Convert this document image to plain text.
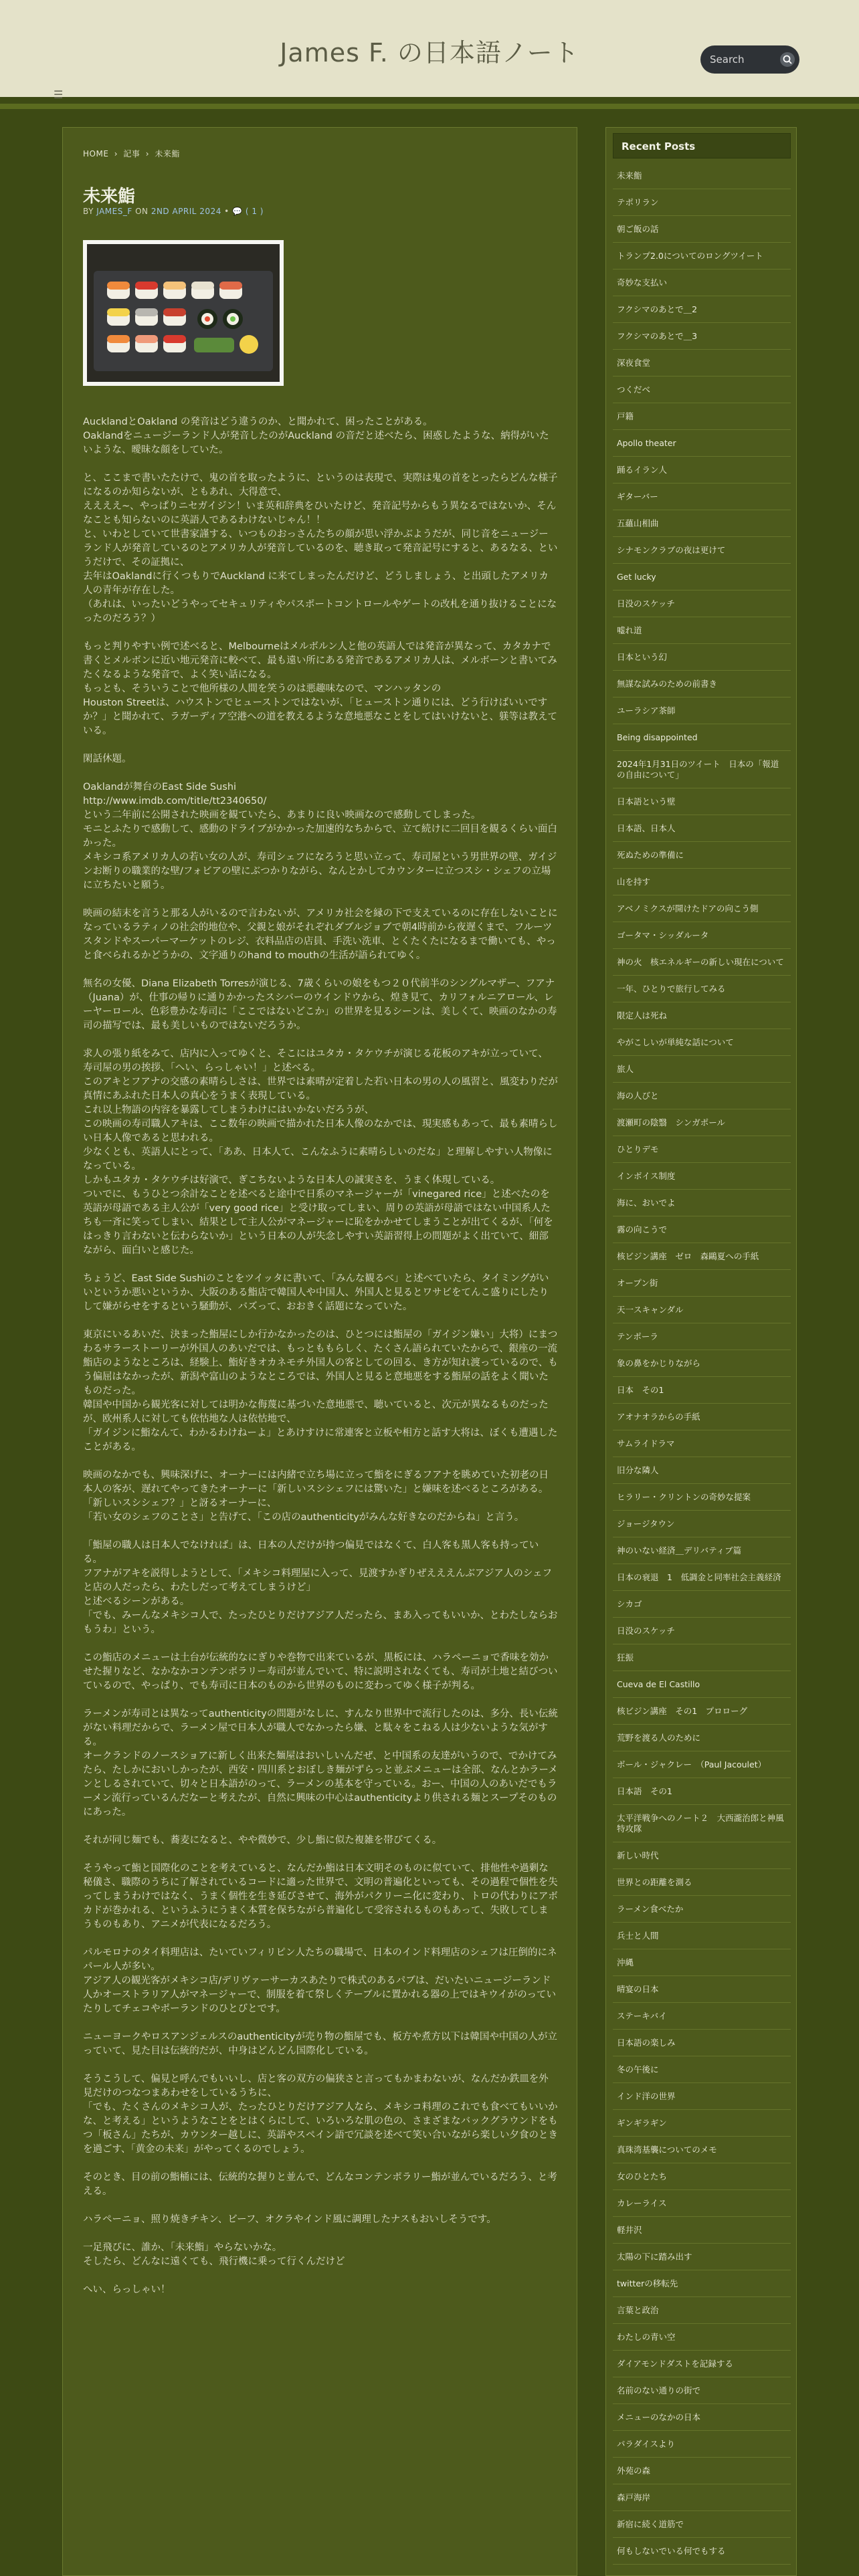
James F. の日本語ノート
Search
☰
HOME › 記事 › 未来鮨
未来鮨
BY JAMES_F ON 2ND APRIL 2024 • 💬 ( 1 )

AucklandとOakland の発音はどう違うのか、と聞かれて、困ったことがある。
Oaklandをニュージーランド人が発音したのがAuckland の音だと述べたら、困惑したような、納得がいたいような、曖昧な顔をしていた。

と、ここまで書いたたけで、鬼の首を取ったように、というのは表現で、実際は鬼の首をとったらどんな様子になるのか知らないが、ともあれ、大得意で、
ええええ~、やっぱりニセガイジン！いま英和辞典をひいたけど、発音記号からもう異なるではないか、そんなことも知らないのに英語人であるわけないじゃん！！
と、いわとしていて世書家謹する、いつものおっさんたちの顔が思い浮かぶようだが、同じ音をニュージーランド人が発音しているのとアメリカ人が発音しているのを、聴き取って発音記号にすると、あるなる、というだけで、その証拠に、
去年はOaklandに行くつもりでAuckland に来てしまったんだけど、どうしましょう、と出頭したアメリカ人の青年が存在した。
（あれは、いったいどうやってセキュリティやパスポートコントロールやゲートの改札を通り抜けることになったのだろう？）

もっと判りやすい例で述べると、Melbourneはメルボルン人と他の英語人では発音が異なって、カタカナで書くとメルボンに近い地元発音に較べて、最も遠い所にある発音であるアメリカ人は、メルボーンと書いてみたくなるような発音で、よく笑い話になる。
もっとも、そういうことで他所様の人間を笑うのは悪趣味なので、マンハッタンの
Houston Streetは、ハウストンでヒューストンではないが、「ヒューストン通りには、どう行けばいいですか？」と聞かれて、ラガーディア空港への道を教えるような意地悪なことをしてはいけないと、躾等は教えている。

閑話休題。

Oaklandが舞台のEast Side Sushi
http://www.imdb.com/title/tt2340650/
という二年前に公開された映画を観ていたら、あまりに良い映画なので感動してしまった。
モニとふたりで感動して、感動のドライブがかかった加速的なちからで、立て続けに二回目を観るくらい面白かった。
メキシコ系アメリカ人の若い女の人が、寿司シェフになろうと思い立って、寿司屋という男世界の壁、ガイジンお断りの職業的な壁/フォビアの壁にぶつかりながら、なんとかしてカウンターに立つスシ・シェフの立場に立ちたいと願う。

映画の結末を言うと那る人がいるので言わないが、アメリカ社会を縁の下で支えているのに存在しないことになっているラティノの社会的地位や、父親と娘がそれぞれダブルジョブで朝4時前から夜遅くまで、フルーツスタンドやスーパーマーケットのレジ、衣料品店の店員、手洗い洗車、とくたくたになるまで働いても、やっと食べられるかどうかの、文字通りのhand to mouthの生活が語られてゆく。

無名の女優、Diana Elizabeth Torresが演じる、7歳くらいの娘をもつ２０代前半のシングルマザー、フアナ（Juana）が、仕事の帰りに通りかかったスシバーのウインドウから、煌き見て、カリフォルニアロール、レーヤーロール、色彩豊かな寿司に「ここではないどこか」の世界を見るシーンは、美しくて、映画のなかの寿司の描写では、最も美しいものではないだろうか。

求人の張り紙をみて、店内に入ってゆくと、そこにはユタカ・タケウチが演じる花板のアキが立っていて、
寿司屋の男の挨拶、「へい、らっしゃい！」と述べる。
このアキとフアナの交感の素晴らしさは、世界では素晴が定着した若い日本の男の人の風習と、風変わりだが真情にあふれた日本人の真心をうまく表現している。
これ以上物語の内容を暴露してしまうわけにはいかないだろうが、
この映画の寿司職人アキは、ここ数年の映画で描かれた日本人像のなかでは、現実感もあって、最も素晴らしい日本人像であると思われる。
少なくとも、英語人にとって、「ああ、日本人て、こんなふうに素晴らしいのだな」と理解しやすい人物像になっている。
しかもユタカ・タケウチは好演で、ぎこちないような日本人の誠実さを、うまく体現している。
ついでに、もうひとつ余計なことを述べると途中で日系のマネージャーが「vinegared rice」と述べたのを英語が母語である主人公が「very good rice」と受け取ってしまい、周りの英語が母語ではない中国系人たちも一斉に笑ってしまい、結果として主人公がマネージャーに恥をかかせてしまうことが出てくるが、「何をはっきり言わないと伝わらないか」という日本の人が失念しやすい英語習得上の問題がよく出ていて、細部ながら、面白いと感じた。

ちょうど、East Side Sushiのことをツイッタに書いて、「みんな観るべ」と述べていたら、タイミングがいいというか悪いというか、大阪のある鮨店で韓国人や中国人、外国人と見るとワサビをてんこ盛りにしたりして嫌がらせをするという騒動が、バズって、おおきく話題になっていた。

東京にいるあいだ、決まった鮨屋にしか行かなかったのは、ひとつには鮨屋の「ガイジン嫌い」大将）にまつわるサラーストーリーが外国人のあいだでは、もっとももらしく、たくさん語られていたからで、銀座の一流鮨店のようなところは、経験上、鮨好きオカネモチ外国人の客としての回る、き方が知れ渡っているので、もう偏屈はなかったが、新潟や富山のようなところでは、外国人と見ると意地悪をする鮨屋の話をよく聞いたものだった。
韓国や中国から観光客に対しては明かな侮蔑に基づいた意地悪で、聴いていると、次元が異なるものだったが、欧州系人に対しても依怙地な人は依怙地で、
「ガイジンに鮨なんて、わかるわけねーよ」とあけすけに常連客と立板や相方と話す大将は、ぼくも遭遇したことがある。

映画のなかでも、興味深げに、オーナーには内緒で立ち場に立って鮨をにぎるフアナを眺めていた初老の日本人の客が、遅れてやってきたオーナーに「新しいスシシェフには驚いた」と嫌味を述べるところがある。
「新しいスシシェフ？」と訝るオーナーに、
「若い女のシェフのことさ」と告げて、「この店のauthenticityがみんな好きなのだからね」と言う。

「鮨屋の職人は日本人でなければ」は、日本の人だけが持つ偏見ではなくて、白人客も黒人客も持っている。
フアナがアキを説得しようとして、「メキシコ料理屋に入って、見渡すかぎりぜえええんぶアジア人のシェフと店の人だったら、わたしだって考えてしまうけど」
と述べるシーンがある。
「でも、みーんなメキシコ人で、たったひとりだけアジア人だったら、まあ入ってもいいか、とわたしならおもうわ」という。

この鮨店のメニューは土台が伝統的なにぎりや巻物で出来ているが、黒板には、ハラペーニョで香味を効かせた握りなど、なかなかコンテンポラリー寿司が並んでいて、特に説明されなくても、寿司が土地と結びついているので、やっぱり、でも寿司に日本のものから世界のものに変わってゆく様子が判る。

ラーメンが寿司とは異なってauthenticityの問題がなしに、すんなり世界中で流行したのは、多分、長い伝統がない料理だからで、ラーメン屋で日本人が職人でなかったら嫌、と駄々をこねる人は少ないような気がする。
オークランドのノースショアに新しく出来た麺屋はおいしいんだぜ、と中国系の友達がいうので、でかけてみたら、たしかにおいしかったが、西安・四川系とおぼしき麺がずらっと並ぶメニューは全部、なんとかラーメンとしるされていて、切々と日本語がのって、ラーメンの基本を守っている。おー、中国の人のあいだでもラーメン流行っているんだなーと考えたが、自然に興味の中心はauthenticityより供される麺とスープそのものにあった。

それが同じ麺でも、蕎麦になると、やや微妙で、少し鮨に似た複雑を帯びてくる。

そうやって鮨と国際化のことを考えていると、なんだか鮨は日本文明そのものに似ていて、排他性や過剰な秘儀さ、職際のうちに了解されているコードに適った世界で、文明の普遍化といっても、その過程で個性を失ってしまうわけではなく、うまく個性を生き延びさせて、海外がパクリーニ化に変わり、トロの代わりにアボカドが巻かれる、というふうにうまく本質を保ちながら普遍化して受容されるものもあって、失敗してしまうものもあり、アニメが代表になるだろう。

パルモロナのタイ料理店は、たいていフィリピン人たちの職場で、日本のインド料理店のシェフは圧倒的にネパール人が多い。
アジア人の観光客がメキシコ店/デリヴァーサーカスあたりで株式のあるパブは、だいたいニュージーランド人かオーストラリア人がマネージャーで、制服を着て祭しくテーブルに置かれる器の上ではキウイがのっていたりしてチェコやポーランドのひとびとです。

ニューヨークやロスアンジェルスのauthenticityが売り物の鮨屋でも、板方や煮方以下は韓国や中国の人が立っていて、見た目は伝統的だが、中身はどんどん国際化している。

そうこうして、偏見と呼んでもいいし、店と客の双方の偏狭さと言ってもかまわないが、なんだか鉄皿を外見だけのつなつまあわせをしているうちに、
「でも、たくさんのメキシコ人が、たったひとりだけアジア人なら、メキシコ料理のこれでも食べてもいいかな、と考える」というようなことをとはくらにして、いろいろな肌の色の、さまざまなバックグラウンドをもつ「板さん」たちが、カウンター越しに、英語やスペイン語で冗談を述べて笑い合いながら楽しい夕食のときを過ごす、「黄金の未来」がやってくるのでしょう。

そのとき、目の前の鮨桶には、伝統的な握りと並んで、どんなコンテンポラリー鮨が並んでいるだろう、と考える。

ハラペーニョ、照り焼きチキン、ビーフ、オクラやインド風に調理したナスもおいしそうです。

一足飛びに、誰か、「未来鮨」やらないかな。
そしたら、どんなに遠くても、飛行機に乗って行くんだけど

へい、らっしゃい！

Recent Posts
未来鮨
テポリラン
朝ご飯の話
トランプ2.0についてのロングツイート
奇妙な支払い
フクシマのあとで＿2
フクシマのあとで＿3
深夜食堂
つくだべ
戸籍
Apollo theater
踊るイラン人
ギターバー
五蘊山相曲
シナモンクラブの夜は更けて
Get lucky
日没のスケッチ
嘘れ道
日本という幻
無謀な試みのための前書き
ユーラシア茶師
Being disappointed
2024年1月31日のツイート　日本の「報道の自由について」
日本語という壁
日本語、日本人
死ぬための準備に
山を持す
アベノミクスが開けたドアの向こう側
ゴータマ・シッダルータ
神の火　核エネルギーの新しい現在について
一年、ひとりで旅行してみる
限定人は死ね
やがこしいが単純な話について
旅人
海の人びと
渡瀬町の陰翳　シンガポール
ひとりデモ
インボイス制度
海に、おいでよ
霧の向こうで
核ビジン講座　ゼロ　森鷗夏への手紙
オープン街
天一スキャンダル
テンポーラ
象の鼻をかじりながら
日本　その1
アオナオラからの手紙
サムライドラマ
旧分な隣人
ヒラリー・クリントンの奇妙な提案
ジョージタウン
神のいない経済＿デリバティブ篇
日本の衰退　1　低調金と同率社会主義経済
シカゴ
日没のスケッチ
狂振
Cueva de El Castillo
核ビジン講座　その1　プロローグ
荒野を渡る人のために
ボール・ジャクレー　（Paul Jacoulet）
日本語　その1
太平洋戦争へのノート２　大西瀧治郎と神風特攻隊
新しい時代
世界との距離を測る
ラーメン食べたか
兵士と人間
沖縄
晴宴の日本
ステーキバイ
日本語の楽しみ
冬の午後に
インド洋の世界
ギンギラギン
真珠湾基襲についてのメモ
女のひとたち
カレーライス
軽井沢
太陽の下に踏み出す
twitterの移転先
言葉と政治
わたしの青い空
ダイアモンドダストを記録する
名前のない通りの街で
メニューのなかの日本
パラダイスより
外苑の森
森戸海岸
新宿に続く道筋で
何もしないでいる何でもする
